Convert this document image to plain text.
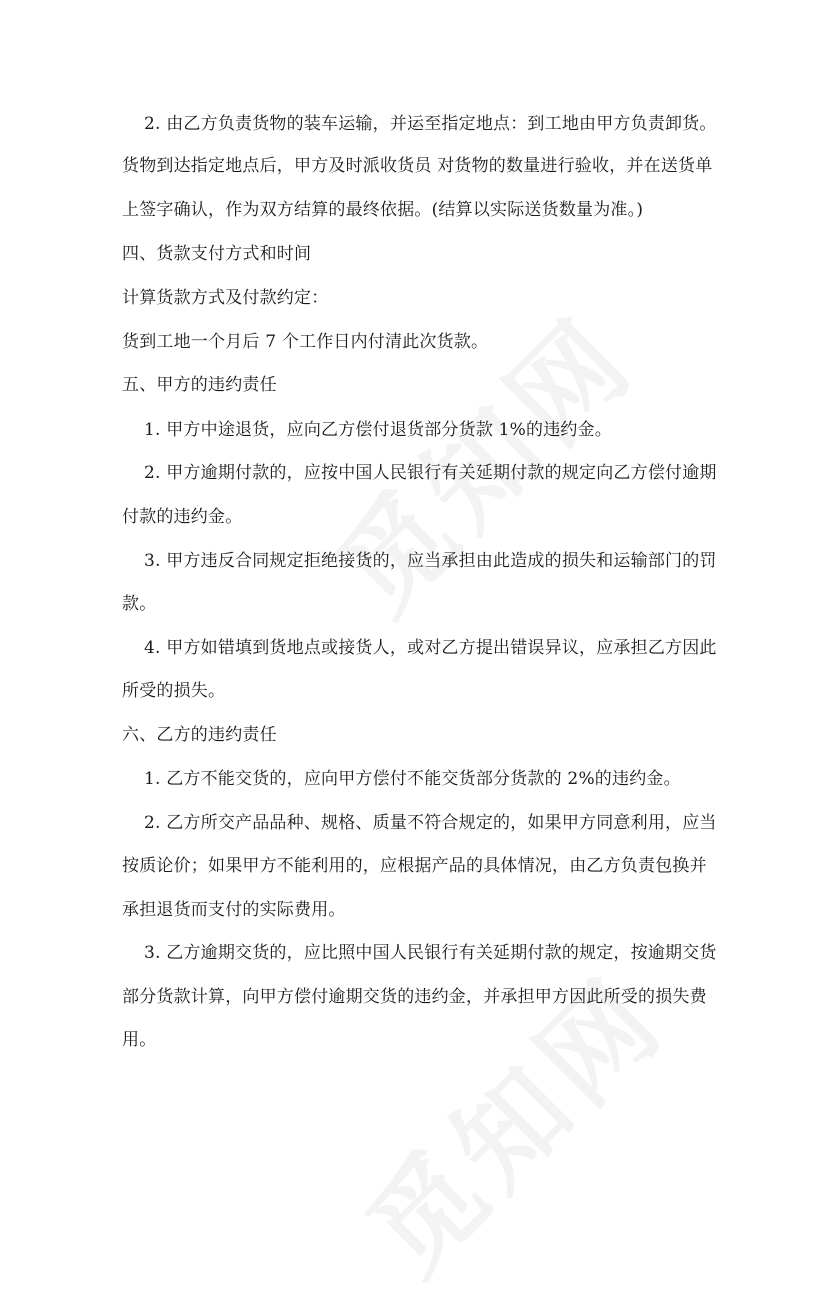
2. 由乙方负责货物的装车运输，并运至指定地点：到工地由甲方负责卸货。
货物到达指定地点后，甲方及时派收货员 对货物的数量进行验收，并在送货单
上签字确认，作为双方结算的最终依据。(结算以实际送货数量为准。)
四、货款支付方式和时间
计算货款方式及付款约定：
货到工地一个月后 7 个工作日内付清此次货款。
五、甲方的违约责任
1. 甲方中途退货，应向乙方偿付退货部分货款 1%的违约金。
2. 甲方逾期付款的，应按中国人民银行有关延期付款的规定向乙方偿付逾期
付款的违约金。
3. 甲方违反合同规定拒绝接货的，应当承担由此造成的损失和运输部门的罚
款。
4. 甲方如错填到货地点或接货人，或对乙方提出错误异议，应承担乙方因此
所受的损失。
六、乙方的违约责任
1. 乙方不能交货的，应向甲方偿付不能交货部分货款的 2%的违约金。
2. 乙方所交产品品种、规格、质量不符合规定的，如果甲方同意利用，应当
按质论价；如果甲方不能利用的，应根据产品的具体情况，由乙方负责包换并
承担退货而支付的实际费用。
3. 乙方逾期交货的，应比照中国人民银行有关延期付款的规定，按逾期交货
部分货款计算，向甲方偿付逾期交货的违约金，并承担甲方因此所受的损失费
用。
